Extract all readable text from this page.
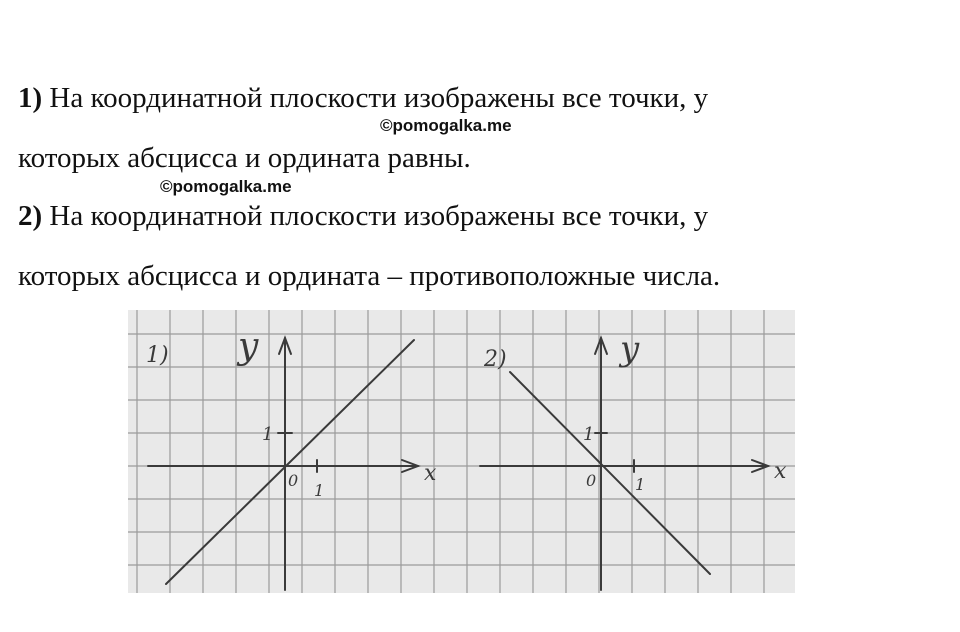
1) На координатной плоскости изображены все точки, у
©pomogalka.me
которых абсцисса и ордината равны.
©pomogalka.me
2) На координатной плоскости изображены все точки, у
которых абсцисса и ордината – противоположные числа.
1) y
x
0
1
1
2)	y
x
0 1
1
